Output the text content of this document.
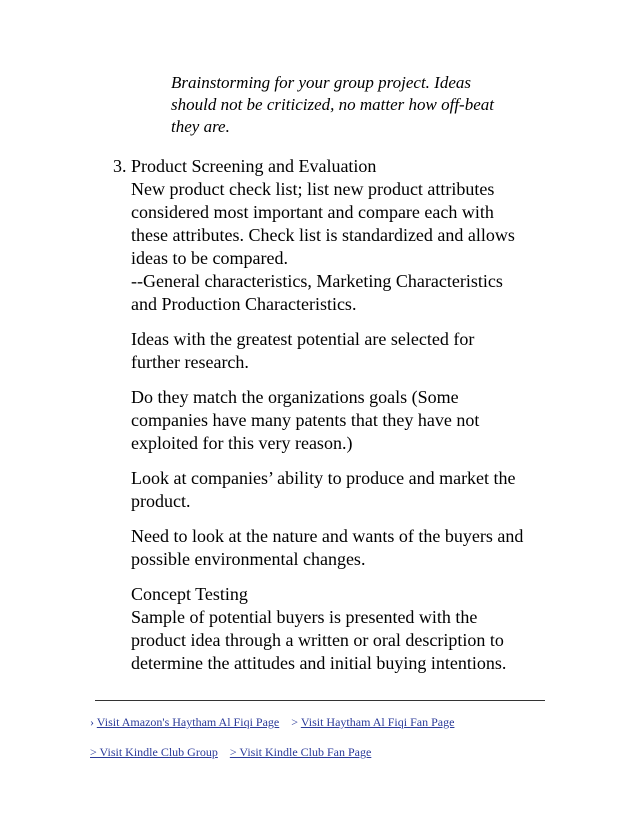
Brainstorming for your group project. Ideas
should not be criticized, no matter how off-beat
they are.
3. Product Screening and Evaluation
New product check list; list new product attributes
considered most important and compare each with
these attributes. Check list is standardized and allows
ideas to be compared.
--General characteristics, Marketing Characteristics
and Production Characteristics.
Ideas with the greatest potential are selected for
further research.
Do they match the organizations goals (Some
companies have many patents that they have not
exploited for this very reason.)
Look at companies’ ability to produce and market the
product.
Need to look at the nature and wants of the buyers and
possible environmental changes.
Concept Testing
Sample of potential buyers is presented with the
product idea through a written or oral description to
determine the attitudes and initial buying intentions.
› Visit Amazon's Haytham Al Fiqi Page > Visit Haytham Al Fiqi Fan Page
> Visit Kindle Club Group > Visit Kindle Club Fan Page
